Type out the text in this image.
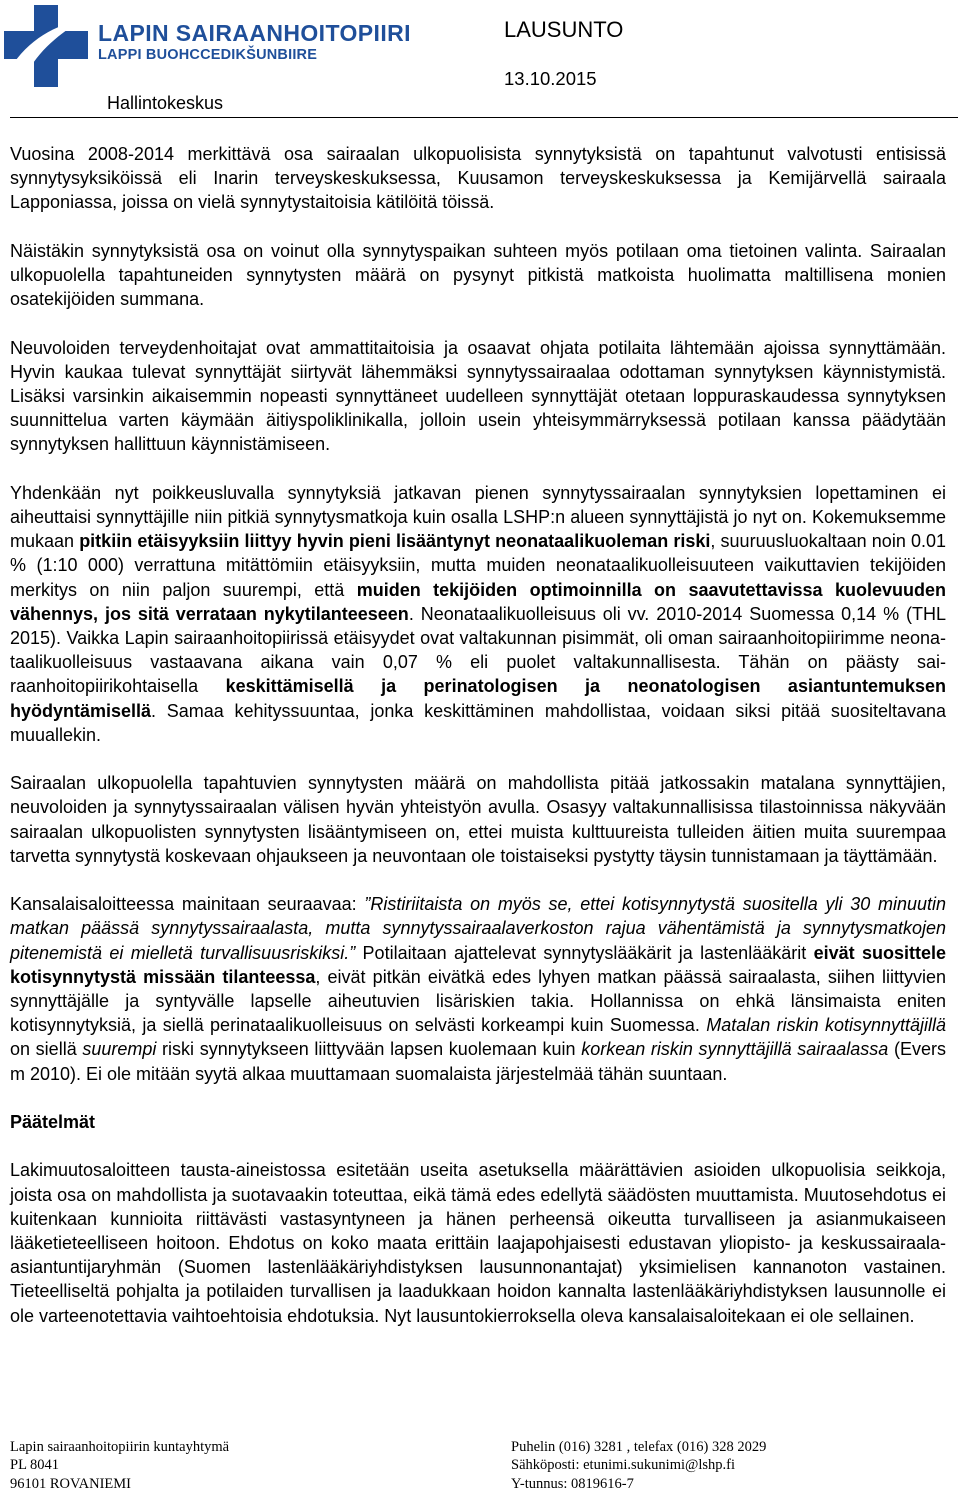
LAPIN SAIRAANHOITOPIIRI
LAPPI BUOHCCEDIKŠUNBIIRE
LAUSUNTO
13.10.2015
Hallintokeskus

Vuosina 2008-2014 merkittävä osa sairaalan ulkopuolisista synnytyksistä on tapahtunut valvotusti entisissä synnytysyksiköissä eli Inarin terveyskeskuksessa, Kuusamon terveyskeskuksessa ja Kemijärvellä sairaala Lapponiassa, joissa on vielä synnytystaitoisia kätilöitä töissä.

Näistäkin synnytyksistä osa on voinut olla synnytyspaikan suhteen myös potilaan oma tietoinen valinta. Sairaalan ulkopuolella tapahtuneiden synnytysten määrä on pysynyt pitkistä matkoista huolimatta maltillisena monien osatekijöiden summana.

Neuvoloiden terveydenhoitajat ovat ammattitaitoisia ja osaavat ohjata potilaita lähtemään ajoissa synnyttämään. Hyvin kaukaa tulevat synnyttäjät siirtyvät lähemmäksi synnytyssairaalaa odottaman synnytyksen käynnistymistä. Lisäksi varsinkin aikaisemmin nopeasti synnyttäneet uudelleen synnyttäjät otetaan loppuraskaudessa synnytyksen suunnittelua varten käymään äitiyspoliklinikalla, jolloin usein yhteisymmärryksessä potilaan kanssa päädytään synnytyksen hallittuun käynnistämiseen.

Yhdenkään nyt poikkeusluvalla synnytyksiä jatkavan pienen synnytyssairaalan synnytyksien lopettaminen ei aiheuttaisi synnyttäjille niin pitkiä synnytysmatkoja kuin osalla LSHP:n alueen synnyttäjistä jo nyt on. Kokemuksemme mukaan pitkiin etäisyyksiin liittyy hyvin pieni lisääntynyt neonataalikuoleman riski, suuruusluokaltaan noin 0.01 % (1:10 000) verrattuna mitättömiin etäisyyksiin, mutta muiden neonataalikuolleisuuteen vaikuttavien tekijöiden merkitys on niin paljon suurempi, että muiden tekijöiden optimoinnilla on saavutettavissa kuolevuuden vähennys, jos sitä verrataan nykytilanteeseen. Neonataalikuolleisuus oli vv. 2010-2014 Suomessa 0,14 % (THL 2015). Vaikka Lapin sairaanhoitopiirissä etäisyydet ovat valtakunnan pisimmät, oli oman sairaanhoitopiirimme neonataalikuolleisuus vastaavana aikana vain 0,07 % eli puolet valtakunnallisesta. Tähän on päästy sairaanhoitopiirikohtaisella keskittämisellä ja perinatologisen ja neonatologisen asiantuntemuksen hyödyntämisellä. Samaa kehityssuuntaa, jonka keskittäminen mahdollistaa, voidaan siksi pitää suositeltavana muuallekin.

Sairaalan ulkopuolella tapahtuvien synnytysten määrä on mahdollista pitää jatkossakin matalana synnyttäjien, neuvoloiden ja synnytyssairaalan välisen hyvän yhteistyön avulla. Osasyy valtakunnallisissa tilastoinnissa näkyvään sairaalan ulkopuolisten synnytysten lisääntymiseen on, ettei muista kulttuureista tulleiden äitien muita suurempaa tarvetta synnytystä koskevaan ohjaukseen ja neuvontaan ole toistaiseksi pystytty täysin tunnistamaan ja täyttämään.

Kansalaisaloitteessa mainitaan seuraavaa: ”Ristiriitaista on myös se, ettei kotisynnytystä suositella yli 30 minuutin matkan päässä synnytyssairaalasta, mutta synnytyssairaalaverkoston rajua vähentämistä ja synnytysmatkojen pitenemistä ei mielletä turvallisuusriskiksi.” Potilaitaan ajattelevat synnytyslääkärit ja lastenlääkärit eivät suosittele kotisynnytystä missään tilanteessa, eivät pitkän eivätkä edes lyhyen matkan päässä sairaalasta, siihen liittyvien synnyttäjälle ja syntyvälle lapselle aiheutuvien lisäriskien takia. Hollannissa on ehkä länsimaista eniten kotisynnytyksiä, ja siellä perinataalikuolleisuus on selvästi korkeampi kuin Suomessa. Matalan riskin kotisynnyttäjillä on siellä suurempi riski synnytykseen liittyvään lapsen kuolemaan kuin korkean riskin synnyttäjillä sairaalassa (Evers m 2010). Ei ole mitään syytä alkaa muuttamaan suomalaista järjestelmää tähän suuntaan.

Päätelmät

Lakimuutosaloitteen tausta-aineistossa esitetään useita asetuksella määrättävien asioiden ulkopuolisia seikkoja, joista osa on mahdollista ja suotavaakin toteuttaa, eikä tämä edes edellytä säädösten muuttamista. Muutosehdotus ei kuitenkaan kunnioita riittävästi vastasyntyneen ja hänen perheensä oikeutta turvalliseen ja asianmukaiseen lääketieteelliseen hoitoon. Ehdotus on koko maata erittäin laajapohjaisesti edustavan yliopisto- ja keskussairaala-asiantuntijaryhmän (Suomen lastenlääkäriyhdistyksen lausunnonantajat) yksimielisen kannanoton vastainen. Tieteelliseltä pohjalta ja potilaiden turvallisen ja laadukkaan hoidon kannalta lastenlääkäriyhdistyksen lausunnolle ei ole varteenotettavia vaihtoehtoisia ehdotuksia. Nyt lausuntokierroksella oleva kansalaisaloitekaan ei ole sellainen.

Lapin sairaanhoitopiirin kuntayhtymä
PL 8041
96101 ROVANIEMI
Puhelin (016) 3281 , telefax (016) 328 2029
Sähköposti: etunimi.sukunimi@lshp.fi
Y-tunnus: 0819616-7
